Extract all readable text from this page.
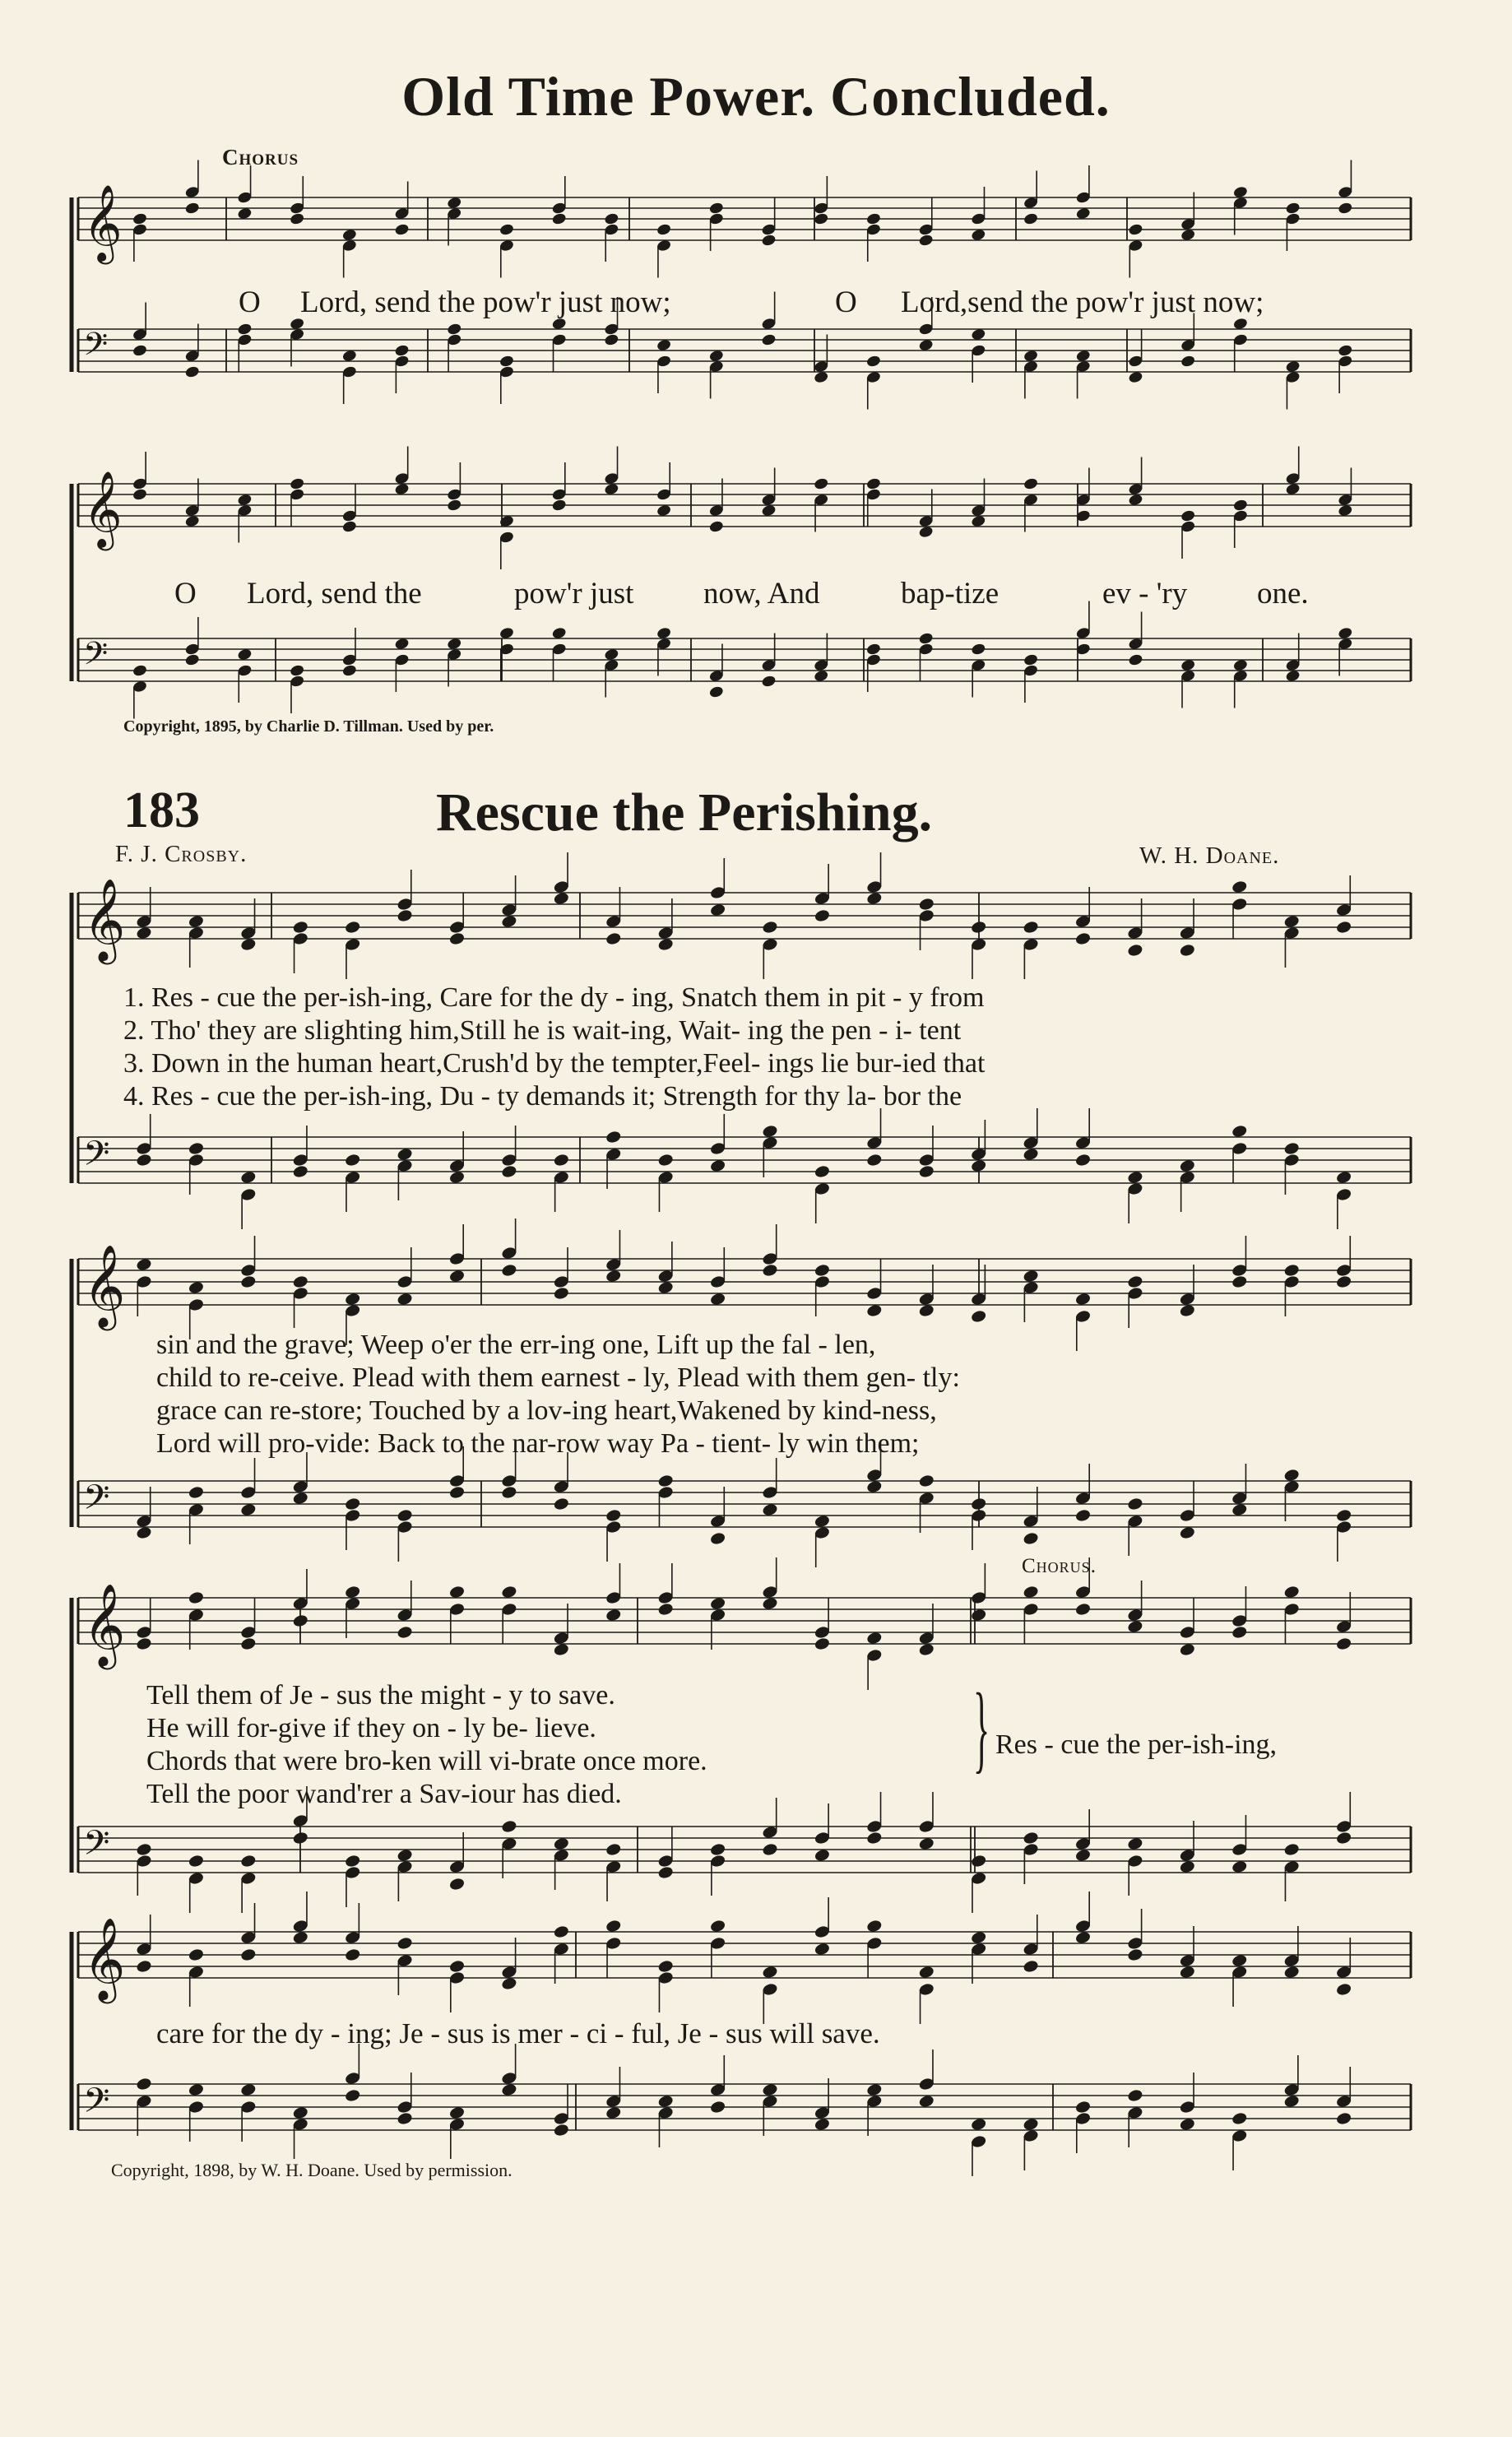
𝄞
𝄢
𝄞
𝄢
𝄞
𝄢
𝄞
𝄢
𝄞
𝄢
𝄞
𝄢
Old Time Power. Concluded.
Chorus
O Lord, send the pow'r just now;	O Lord,send the pow'r just now;
O Lord, send the	pow'r just now, And	bap-tize	ev - 'ry one.
Copyright, 1895, by Charlie D. Tillman. Used by per.
183	Rescue the Perishing.
F. J. Crosby.	W. H. Doane.
1. Res - cue the per-ish-ing, Care for the dy - ing, Snatch them in pit - y from
2. Tho' they are slighting him,Still he is wait-ing, Wait- ing the pen - i- tent
3. Down in the human heart,Crush'd by the tempter,Feel- ings lie bur-ied that
4. Res - cue the per-ish-ing, Du - ty demands it; Strength for thy la- bor the
sin and the grave; Weep o'er the err-ing one, Lift up the fal - len,
child to re-ceive. Plead with them earnest - ly, Plead with them gen- tly:
grace can re-store; Touched by a lov-ing heart,Wakened by kind-ness,
Lord will pro-vide: Back to the nar-row way Pa - tient- ly win them;
Chorus.
Tell them of Je - sus the might - y to save.
He will for-give if they on - ly be- lieve.
Chords that were bro-ken will vi-brate once more.
Tell the poor wand'rer a Sav-iour has died.
} Res - cue the per-ish-ing,
care for the dy - ing; Je - sus is mer - ci - ful, Je - sus will save.
Copyright, 1898, by W. H. Doane. Used by permission.
